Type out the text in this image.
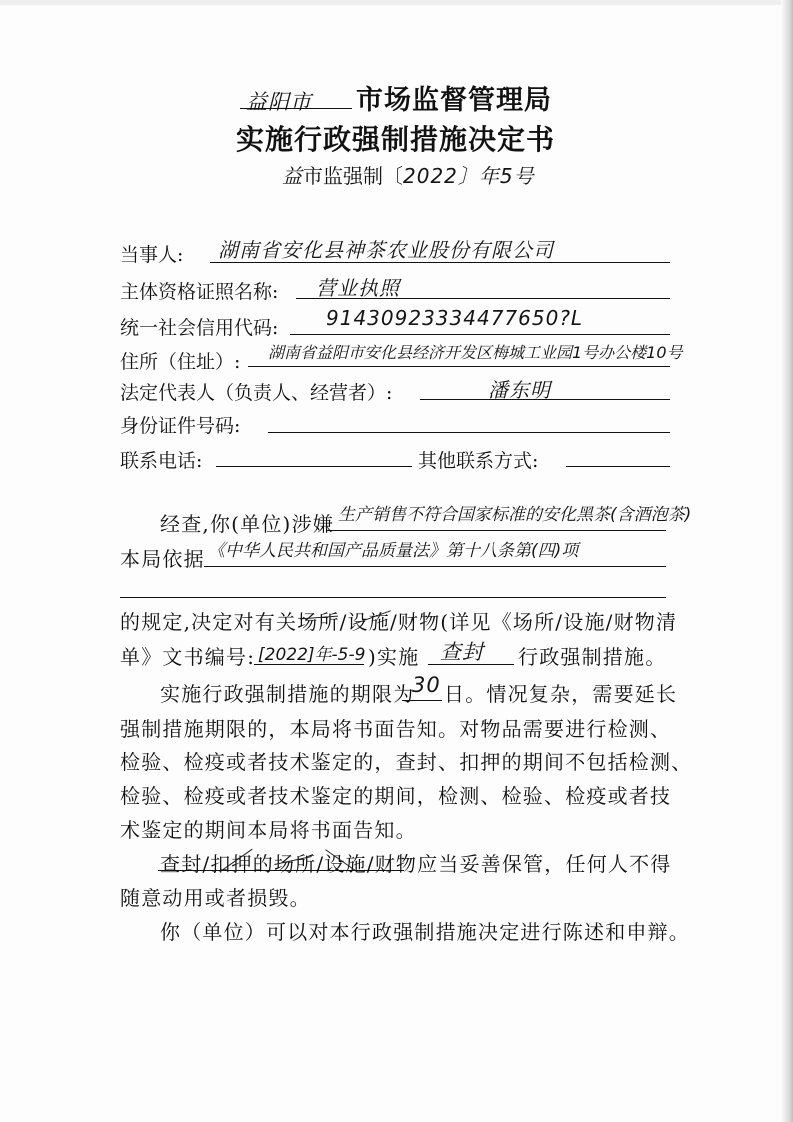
益阳市 市场监督管理局
实施行政强制措施决定书
益市监强制〔2022〕年5号
当事人: 湖南省安化县神茶农业股份有限公司
主体资格证照名称: 营业执照
统一社会信用代码: 91430923334477650?L
住所（住址）: 湖南省益阳市安化县经济开发区梅城工业园1号办公楼10号
法定代表人（负责人、经营者）:	潘东明
身份证件号码:
联系电话:	其他联系方式:
经查,你(单位)涉嫌 生产销售不符合国家标准的安化黑茶(含酒泡茶)
本局依据 《中华人民共和国产品质量法》第十八条第(四)项
的规定,决定对有关场所/设施/财物(详见《场所/设施/财物清
单》文书编号: [2022]年-5-9 )实施 查封 行政强制措施。
实施行政强制措施的期限为
30 日。情况复杂，需要延长
强制措施期限的，本局将书面告知。对物品需要进行检测、
检验、检疫或者技术鉴定的，查封、扣押的期间不包括检测、
检验、检疫或者技术鉴定的期间，检测、检验、检疫或者技
术鉴定的期间本局将书面告知。
查封/扣押的场所/设施/财物应当妥善保管，任何人不得
随意动用或者损毁。
你（单位）可以对本行政强制措施决定进行陈述和申辩。
